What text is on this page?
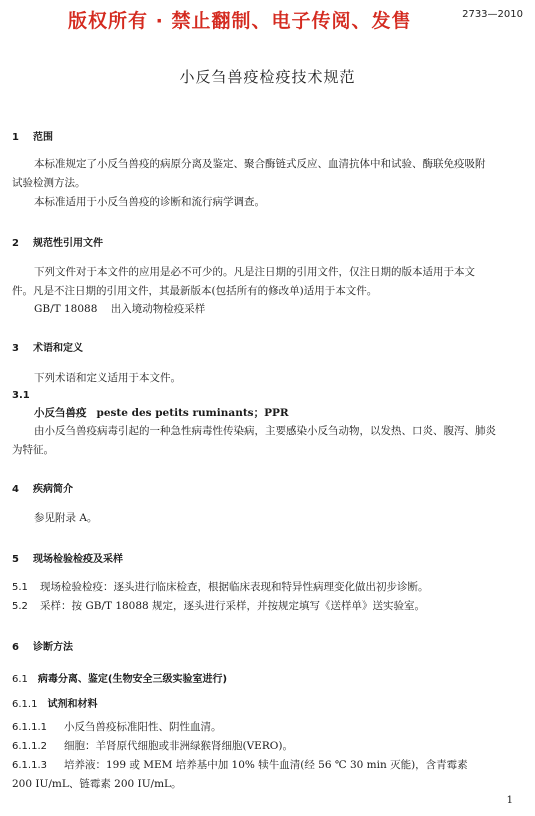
版权所有 · 禁止翻制、电子传阅、发售	2733—2010
小反刍兽疫检疫技术规范
1 范围
本标准规定了小反刍兽疫的病原分离及鉴定、聚合酶链式反应、血清抗体中和试验、酶联免疫吸附
试验检测方法。
本标准适用于小反刍兽疫的诊断和流行病学调查。
2 规范性引用文件
下列文件对于本文件的应用是必不可少的。凡是注日期的引用文件，仅注日期的版本适用于本文
件。凡是不注日期的引用文件，其最新版本(包括所有的修改单)适用于本文件。
GB/T 18088    出入境动物检疫采样
3 术语和定义
下列术语和定义适用于本文件。
3.1
小反刍兽疫 peste des petits ruminants；PPR
由小反刍兽疫病毒引起的一种急性病毒性传染病，主要感染小反刍动物，以发热、口炎、腹泻、肺炎
为特征。
4 疾病简介
参见附录 A。
5 现场检验检疫及采样
5.1 现场检验检疫：逐头进行临床检查，根据临床表现和特异性病理变化做出初步诊断。
5.2 采样：按 GB/T 18088 规定，逐头进行采样，并按规定填写《送样单》送实验室。
6 诊断方法
6.1 病毒分离、鉴定(生物安全三级实验室进行)
6.1.1 试剂和材料
6.1.1.1 小反刍兽疫标准阳性、阴性血清。
6.1.1.2 细胞：羊肾原代细胞或非洲绿猴肾细胞(VERO)。
6.1.1.3 培养液：199 或 MEM 培养基中加 10% 犊牛血清(经 56 ℃ 30 min 灭能)，含青霉素
200 IU/mL、链霉素 200 IU/mL。
1
